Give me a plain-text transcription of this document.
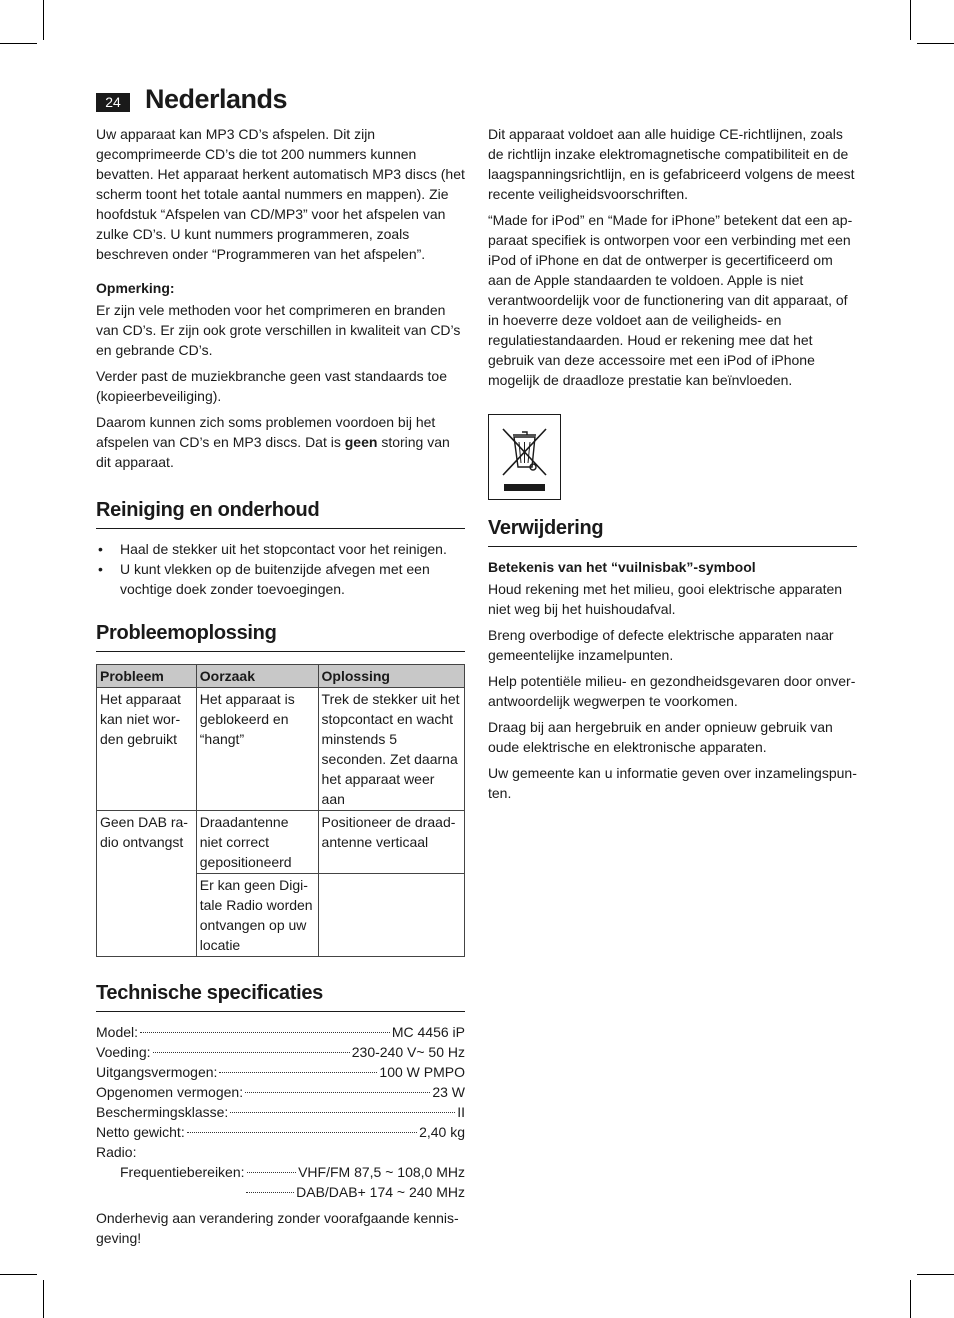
24 Nederlands

Uw apparaat kan MP3 CD’s afspelen. Dit zijn gecomprimeerde CD’s die tot 200 nummers kunnen bevatten. Het apparaat herkent automatisch MP3 discs (het scherm toont het totale aantal nummers en mappen). Zie hoofdstuk “Afspelen van CD/MP3” voor het afspelen van zulke CD’s. U kunt nummers programmeren, zoals beschreven onder “Programmeren van het afspelen”.

Opmerking:

Er zijn vele methoden voor het comprimeren en branden van CD’s. Er zijn ook grote verschillen in kwaliteit van CD’s en gebrande CD’s.

Verder past de muziekbranche geen vast standaards toe (kopieerbeveiliging).

Daarom kunnen zich soms problemen voordoen bij het afspelen van CD’s en MP3 discs. Dat is geen storing van dit apparaat.

Reiniging en onderhoud
• Haal de stekker uit het stopcontact voor het reinigen.
• U kunt vlekken op de buitenzijde afvegen met een vochtige doek zonder toevoegingen.
Probleemoplossing
Probleem	Oorzaak	Oplossing
Het apparaat kan niet worden gebruikt	Het apparaat is geblokeerd en “hangt”	Trek de stekker uit het stopcontact en wacht minstends 5 seconden. Zet daarna het apparaat weer aan
Geen DAB radio ontvangst	Draadantenne niet correct gepositioneerd	Positioneer de draadantenne verticaal
	Er kan geen Digitale Radio worden ontvangen op uw locatie	
Technische specificaties
Model:	MC 4456 iP
Voeding:	230-240 V~ 50 Hz
Uitgangsvermogen:	100 W PMPO
Opgenomen vermogen:	23 W
Beschermingsklasse:	II
Netto gewicht:	2,40 kg
Radio:
Frequentiebereiken:	VHF/FM 87,5 ~ 108,0 MHz
DAB/DAB+ 174 ~ 240 MHz

Onderhevig aan verandering zonder voorafgaande kennisgeving!

Dit apparaat voldoet aan alle huidige CE-richtlijnen, zoals de richtlijn inzake elektromagnetische compatibiliteit en de laagspanningsrichtlijn, en is gefabriceerd volgens de meest recente veiligheidsvoorschriften.

“Made for iPod” en “Made for iPhone” betekent dat een apparaat specifiek is ontworpen voor een verbinding met een iPod of iPhone en dat de ontwerper is gecertificeerd om aan de Apple standaarden te voldoen. Apple is niet verantwoordelijk voor de functionering van dit apparaat, of in hoeverre deze voldoet aan de veiligheids- en regulatiestandaarden. Houd er rekening mee dat het gebruik van deze accessoire met een iPod of iPhone mogelijk de draadloze prestatie kan beïnvloeden.

Verwijdering

Betekenis van het “vuilnisbak”-symbool

Houd rekening met het milieu, gooi elektrische apparaten niet weg bij het huishoudafval.

Breng overbodige of defecte elektrische apparaten naar gemeentelijke inzamelpunten.

Help potentiële milieu- en gezondheidsgevaren door onverantwoordelijk wegwerpen te voorkomen.

Draag bij aan hergebruik en ander opnieuw gebruik van oude elektrische en elektronische apparaten.

Uw gemeente kan u informatie geven over inzamelingspunten.
